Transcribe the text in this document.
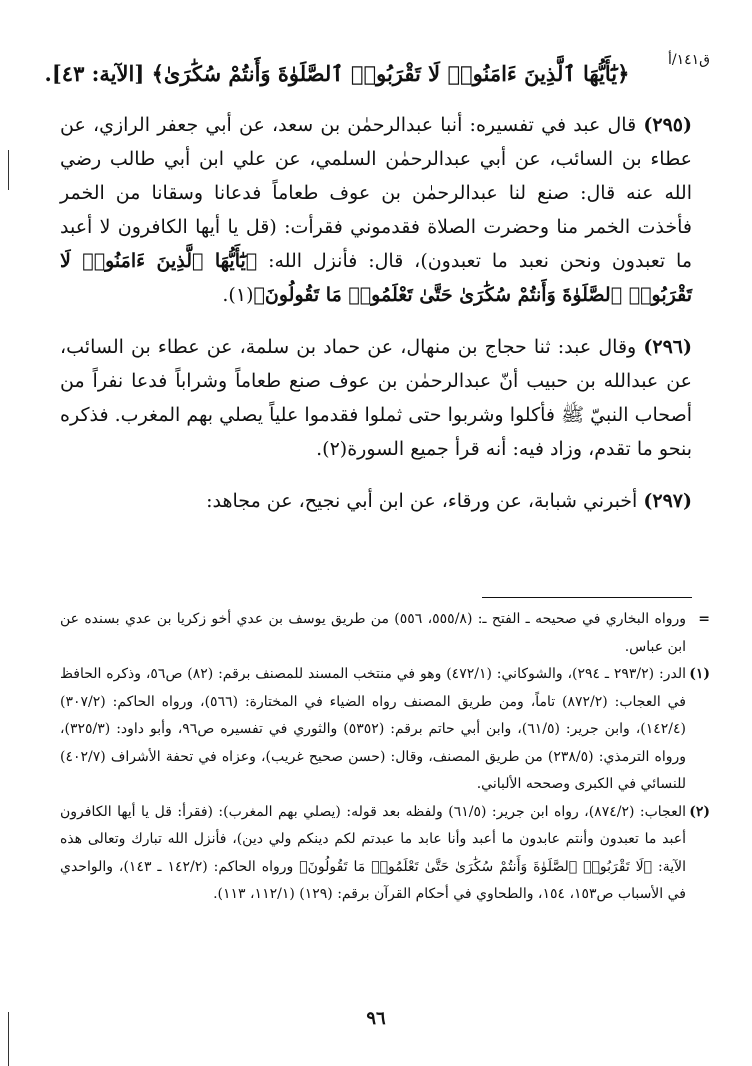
ق١٤١/أ
﴿يَٰٓأَيُّهَا ٱلَّذِينَ ءَامَنُوا۟ لَا تَقْرَبُوا۟ ٱلصَّلَوٰةَ وَأَنتُمْ سُكَٰرَىٰ﴾ [الآية: ٤٣].

(٢٩٥) قال عبد في تفسيره: أنبا عبدالرحمٰن بن سعد، عن أبي جعفر الرازي، عن عطاء بن السائب، عن أبي عبدالرحمٰن السلمي، عن علي ابن أبي طالب رضي الله عنه قال: صنع لنا عبدالرحمٰن بن عوف طعاماً فدعانا وسقانا من الخمر فأخذت الخمر منا وحضرت الصلاة فقدموني فقرأت: (قل يا أيها الكافرون لا أعبد ما تعبدون ونحن نعبد ما تعبدون)، قال: فأنزل الله: ﴿يَٰٓأَيُّهَا ٱلَّذِينَ ءَامَنُوا۟ لَا تَقْرَبُوا۟ ٱلصَّلَوٰةَ وَأَنتُمْ سُكَٰرَىٰ حَتَّىٰ تَعْلَمُوا۟ مَا تَقُولُونَ﴾(١).

(٢٩٦) وقال عبد: ثنا حجاج بن منهال، عن حماد بن سلمة، عن عطاء بن السائب، عن عبدالله بن حبيب أنّ عبدالرحمٰن بن عوف صنع طعاماً وشراباً فدعا نفراً من أصحاب النبيّ ﷺ فأكلوا وشربوا حتى ثملوا فقدموا علياً يصلي بهم المغرب. فذكره بنحو ما تقدم، وزاد فيه: أنه قرأ جميع السورة(٢).

(٢٩٧) أخبرني شبابة، عن ورقاء، عن ابن أبي نجيح، عن مجاهد:

=
ورواه البخاري في صحيحه ـ الفتح ـ: (٥٥٥/٨، ٥٥٦) من طريق يوسف بن عدي أخو زكريا بن عدي بسنده عن ابن عباس.
(١)
الدر: (٢٩٣/٢ ـ ٢٩٤)، والشوكاني: (٤٧٢/١) وهو في منتخب المسند للمصنف برقم: (٨٢) ص٥٦، وذكره الحافظ في العجاب: (٨٧٢/٢) تاماً، ومن طريق المصنف رواه الضياء في المختارة: (٥٦٦)، ورواه الحاكم: (٣٠٧/٢) (١٤٢/٤)، وابن جرير: (٦١/٥)، وابن أبي حاتم برقم: (٥٣٥٢) والثوري في تفسيره ص٩٦، وأبو داود: (٣٢٥/٣)، ورواه الترمذي: (٢٣٨/٥) من طريق المصنف، وقال: (حسن صحيح غريب)، وعزاه في تحفة الأشراف (٤٠٢/٧) للنسائي في الكبرى وصححه الألباني.
(٢)
العجاب: (٨٧٤/٢)، رواه ابن جرير: (٦١/٥) ولفظه بعد قوله: (يصلي بهم المغرب): (فقرأ: قل يا أيها الكافرون أعبد ما تعبدون وأنتم عابدون ما أعبد وأنا عابد ما عبدتم لكم دينكم ولي دين)، فأنزل الله تبارك وتعالى هذه الآية: ﴿لَا تَقْرَبُوا۟ ٱلصَّلَوٰةَ وَأَنتُمْ سُكَٰرَىٰ حَتَّىٰ تَعْلَمُوا۟ مَا تَقُولُونَ﴾ ورواه الحاكم: (١٤٢/٢ ـ ١٤٣)، والواحدي في الأسباب ص١٥٣، ١٥٤، والطحاوي في أحكام القرآن برقم: (١٢٩) (١١٢/١، ١١٣).
٩٦
